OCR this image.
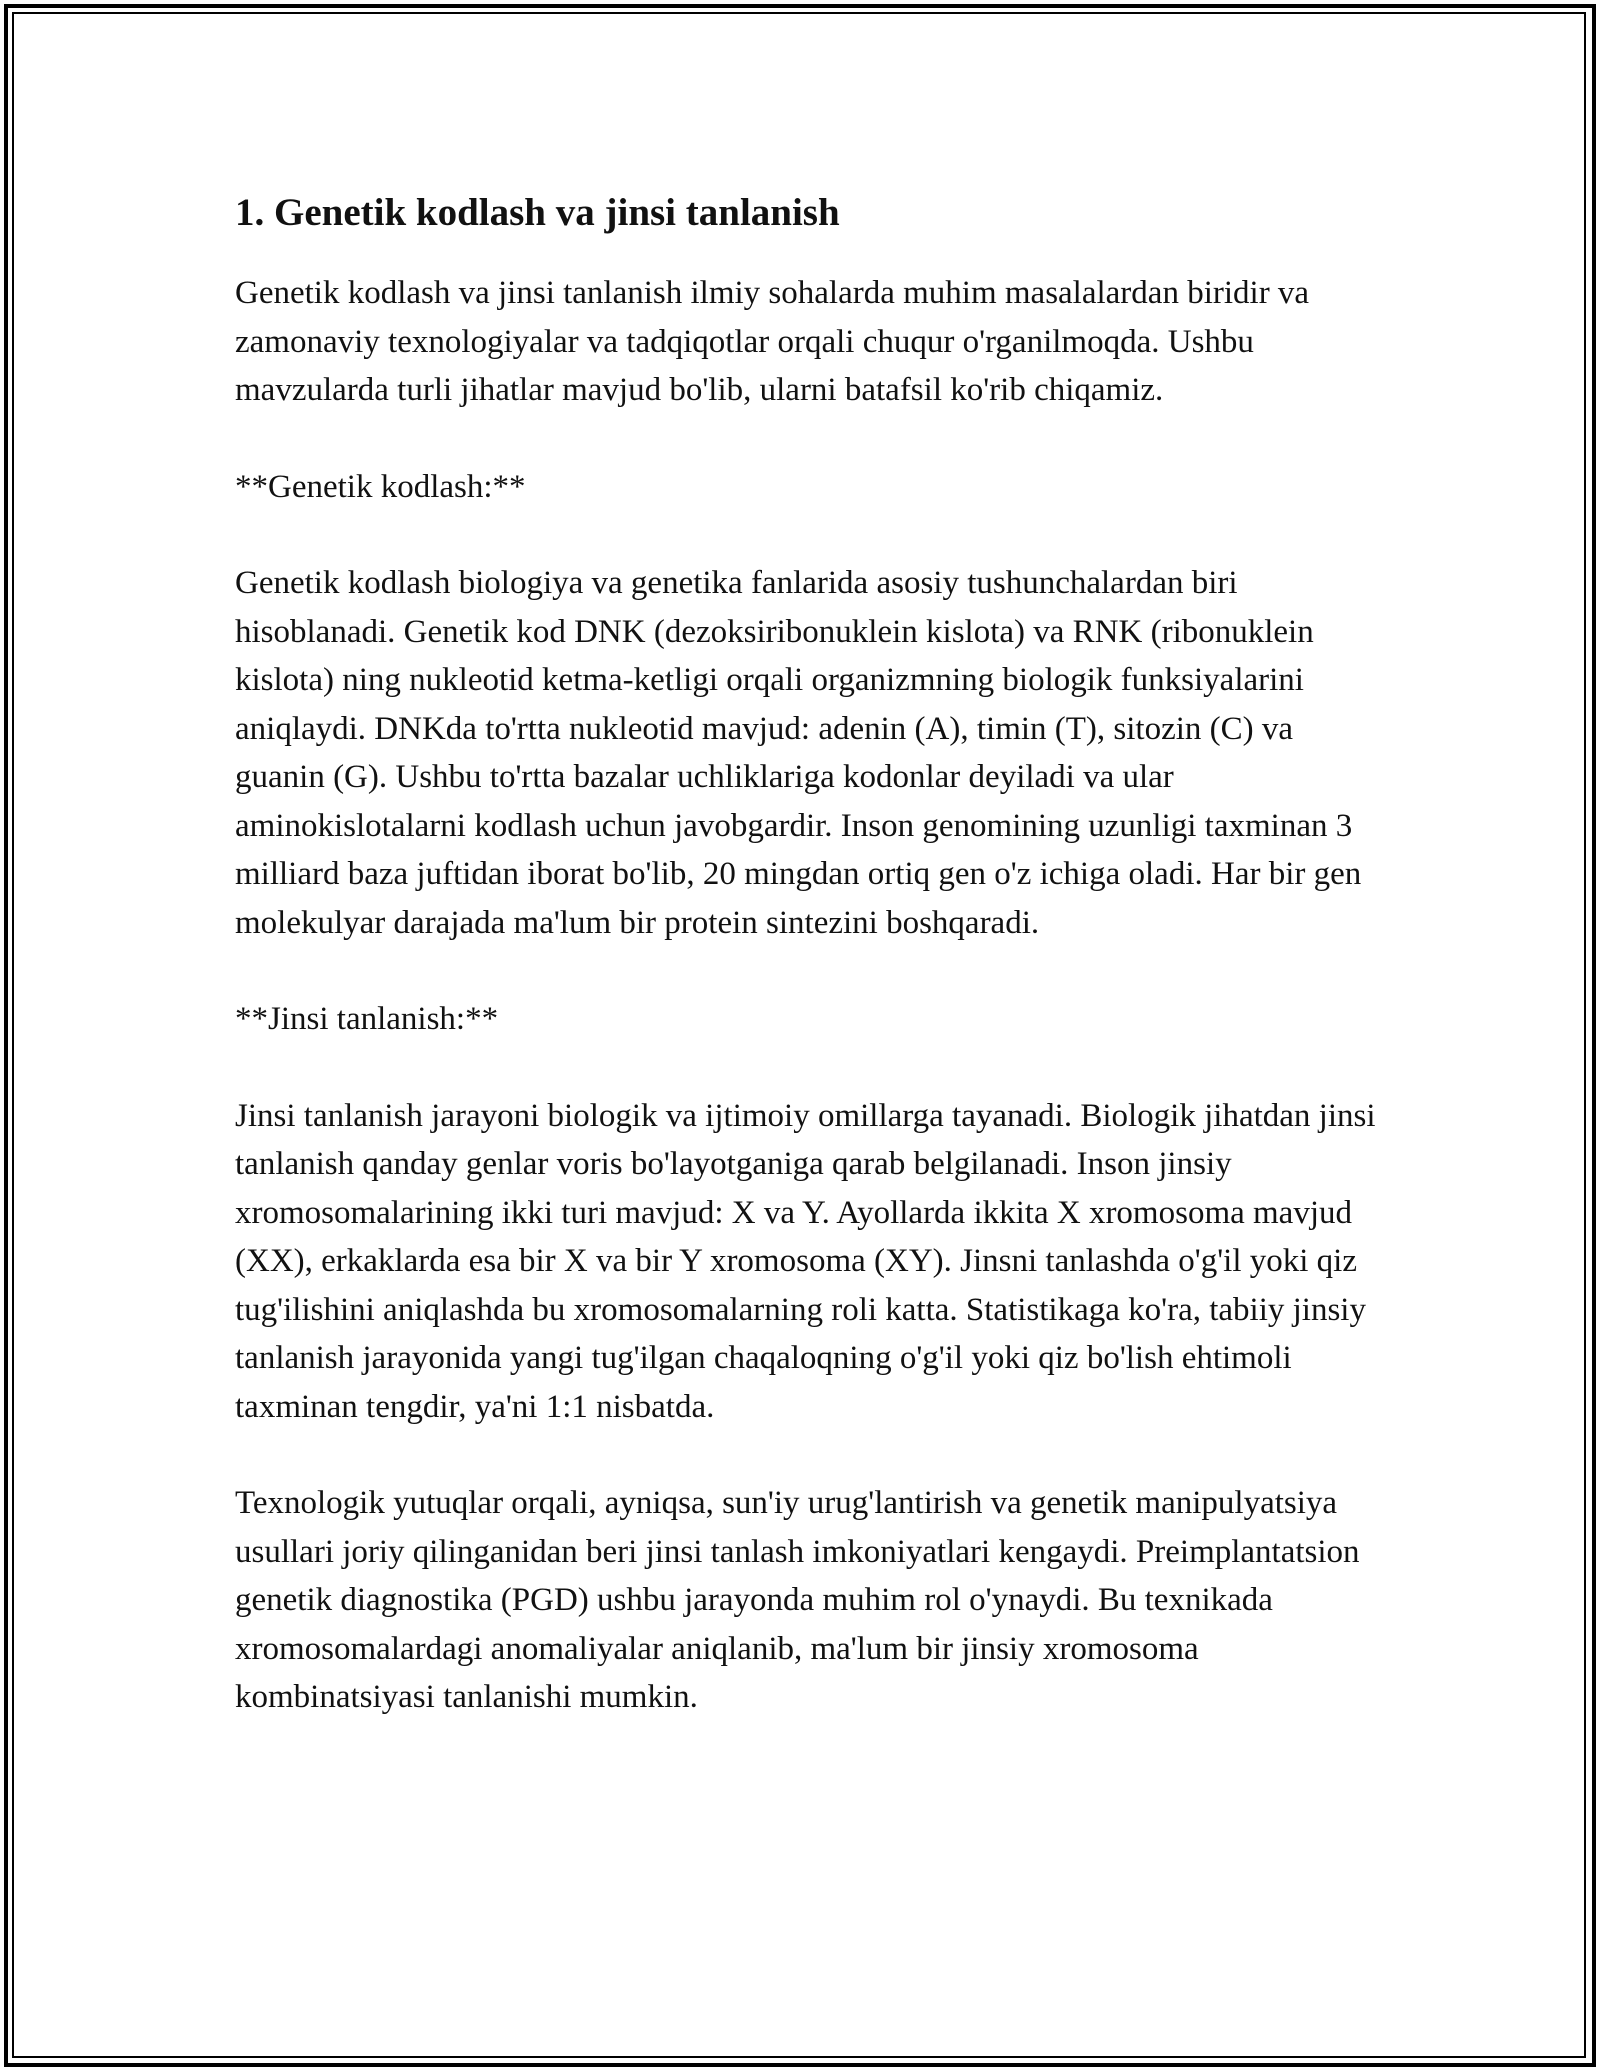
1. Genetik kodlash va jinsi tanlanish

Genetik kodlash va jinsi tanlanish ilmiy sohalarda muhim masalalardan biridir va zamonaviy texnologiyalar va tadqiqotlar orqali chuqur o'rganilmoqda. Ushbu mavzularda turli jihatlar mavjud bo'lib, ularni batafsil ko'rib chiqamiz.

**Genetik kodlash:**

Genetik kodlash biologiya va genetika fanlarida asosiy tushunchalardan biri hisoblanadi. Genetik kod DNK (dezoksiribonuklein kislota) va RNK (ribonuklein kislota) ning nukleotid ketma-ketligi orqali organizmning biologik funksiyalarini aniqlaydi. DNKda to'rtta nukleotid mavjud: adenin (A), timin (T), sitozin (C) va guanin (G). Ushbu to'rtta bazalar uchliklariga kodonlar deyiladi va ular aminokislotalarni kodlash uchun javobgardir. Inson genomining uzunligi taxminan 3 milliard baza juftidan iborat bo'lib, 20 mingdan ortiq gen o'z ichiga oladi. Har bir gen molekulyar darajada ma'lum bir protein sintezini boshqaradi.

**Jinsi tanlanish:**

Jinsi tanlanish jarayoni biologik va ijtimoiy omillarga tayanadi. Biologik jihatdan jinsi tanlanish qanday genlar voris bo'layotganiga qarab belgilanadi. Inson jinsiy xromosomalarining ikki turi mavjud: X va Y. Ayollarda ikkita X xromosoma mavjud (XX), erkaklarda esa bir X va bir Y xromosoma (XY). Jinsni tanlashda o'g'il yoki qiz tug'ilishini aniqlashda bu xromosomalarning roli katta. Statistikaga ko'ra, tabiiy jinsiy tanlanish jarayonida yangi tug'ilgan chaqaloqning o'g'il yoki qiz bo'lish ehtimoli taxminan tengdir, ya'ni 1:1 nisbatda.

Texnologik yutuqlar orqali, ayniqsa, sun'iy urug'lantirish va genetik manipulyatsiya usullari joriy qilinganidan beri jinsi tanlash imkoniyatlari kengaydi. Preimplantatsion genetik diagnostika (PGD) ushbu jarayonda muhim rol o'ynaydi. Bu texnikada xromosomalardagi anomaliyalar aniqlanib, ma'lum bir jinsiy xromosoma kombinatsiyasi tanlanishi mumkin.
